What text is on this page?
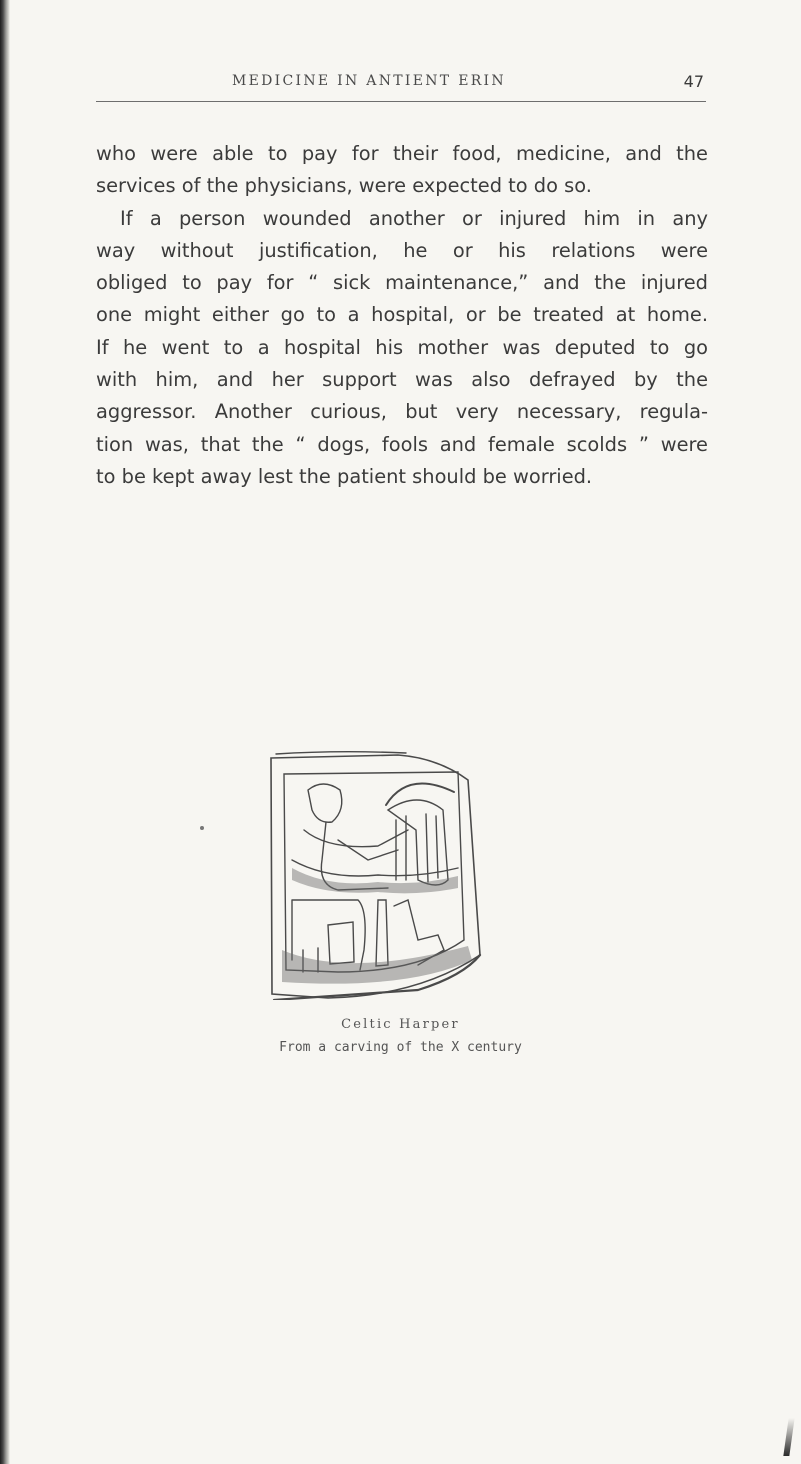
MEDICINE IN ANTIENT ERIN	47
who were able to pay for their food, medicine, and the
services of the physicians, were expected to do so.
If a person wounded another or injured him in any
way without justification, he or his relations were
obliged to pay for “ sick maintenance,” and the injured
one might either go to a hospital, or be treated at home.
If he went to a hospital his mother was deputed to go
with him, and her support was also defrayed by the
aggressor. Another curious, but very necessary, regula-
tion was, that the “ dogs, fools and female scolds ” were
to be kept away lest the patient should be worried.
Celtic Harper
From a carving of the X century
